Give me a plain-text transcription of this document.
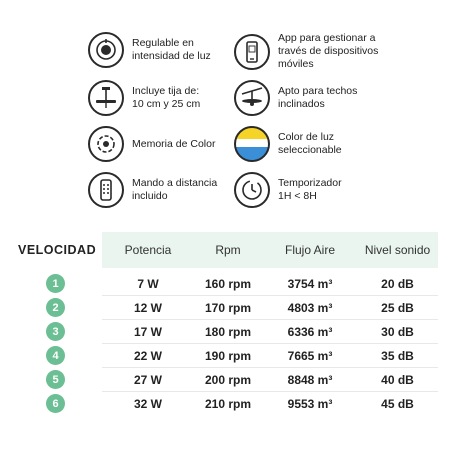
Regulable en
intensidad de luz
App para gestionar a
través de dispositivos
móviles
Incluye tija de:
10 cm y 25 cm
Apto para techos
inclinados
Memoria de Color
Color de luz
seleccionable
Mando a distancia
incluido
Temporizador
1H < 8H
VELOCIDAD	Potencia	Rpm	Flujo Aire	Nivel sonido
1	7 W	160 rpm	3754 m³	20 dB
2	12 W	170 rpm	4803 m³	25 dB
3	17 W	180 rpm	6336 m³	30 dB
4	22 W	190 rpm	7665 m³	35 dB
5	27 W	200 rpm	8848 m³	40 dB
6	32 W	210 rpm	9553 m³	45 dB
